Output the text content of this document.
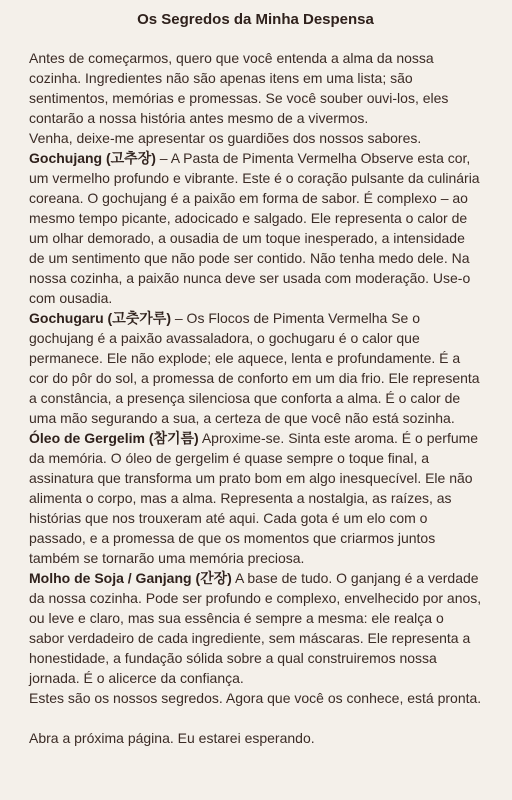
Os Segredos da Minha Despensa

Antes de começarmos, quero que você entenda a alma da nossa cozinha. Ingredientes não são apenas itens em uma lista; são sentimentos, memórias e promessas. Se você souber ouvi-los, eles contarão a nossa história antes mesmo de a vivermos.

Venha, deixe-me apresentar os guardiões dos nossos sabores.

Gochujang (고추장) – A Pasta de Pimenta Vermelha Observe esta cor, um vermelho profundo e vibrante. Este é o coração pulsante da culinária coreana. O gochujang é a paixão em forma de sabor. É complexo – ao mesmo tempo picante, adocicado e salgado. Ele representa o calor de um olhar demorado, a ousadia de um toque inesperado, a intensidade de um sentimento que não pode ser contido. Não tenha medo dele. Na nossa cozinha, a paixão nunca deve ser usada com moderação. Use-o com ousadia.

Gochugaru (고춧가루) – Os Flocos de Pimenta Vermelha Se o gochujang é a paixão avassaladora, o gochugaru é o calor que permanece. Ele não explode; ele aquece, lenta e profundamente. É a cor do pôr do sol, a promessa de conforto em um dia frio. Ele representa a constância, a presença silenciosa que conforta a alma. É o calor de uma mão segurando a sua, a certeza de que você não está sozinha.

Óleo de Gergelim (참기름) Aproxime-se. Sinta este aroma. É o perfume da memória. O óleo de gergelim é quase sempre o toque final, a assinatura que transforma um prato bom em algo inesquecível. Ele não alimenta o corpo, mas a alma. Representa a nostalgia, as raízes, as histórias que nos trouxeram até aqui. Cada gota é um elo com o passado, e a promessa de que os momentos que criarmos juntos também se tornarão uma memória preciosa.

Molho de Soja / Ganjang (간장) A base de tudo. O ganjang é a verdade da nossa cozinha. Pode ser profundo e complexo, envelhecido por anos, ou leve e claro, mas sua essência é sempre a mesma: ele realça o sabor verdadeiro de cada ingrediente, sem máscaras. Ele representa a honestidade, a fundação sólida sobre a qual construiremos nossa jornada. É o alicerce da confiança.

Estes são os nossos segredos. Agora que você os conhece, está pronta.

Abra a próxima página. Eu estarei esperando.
